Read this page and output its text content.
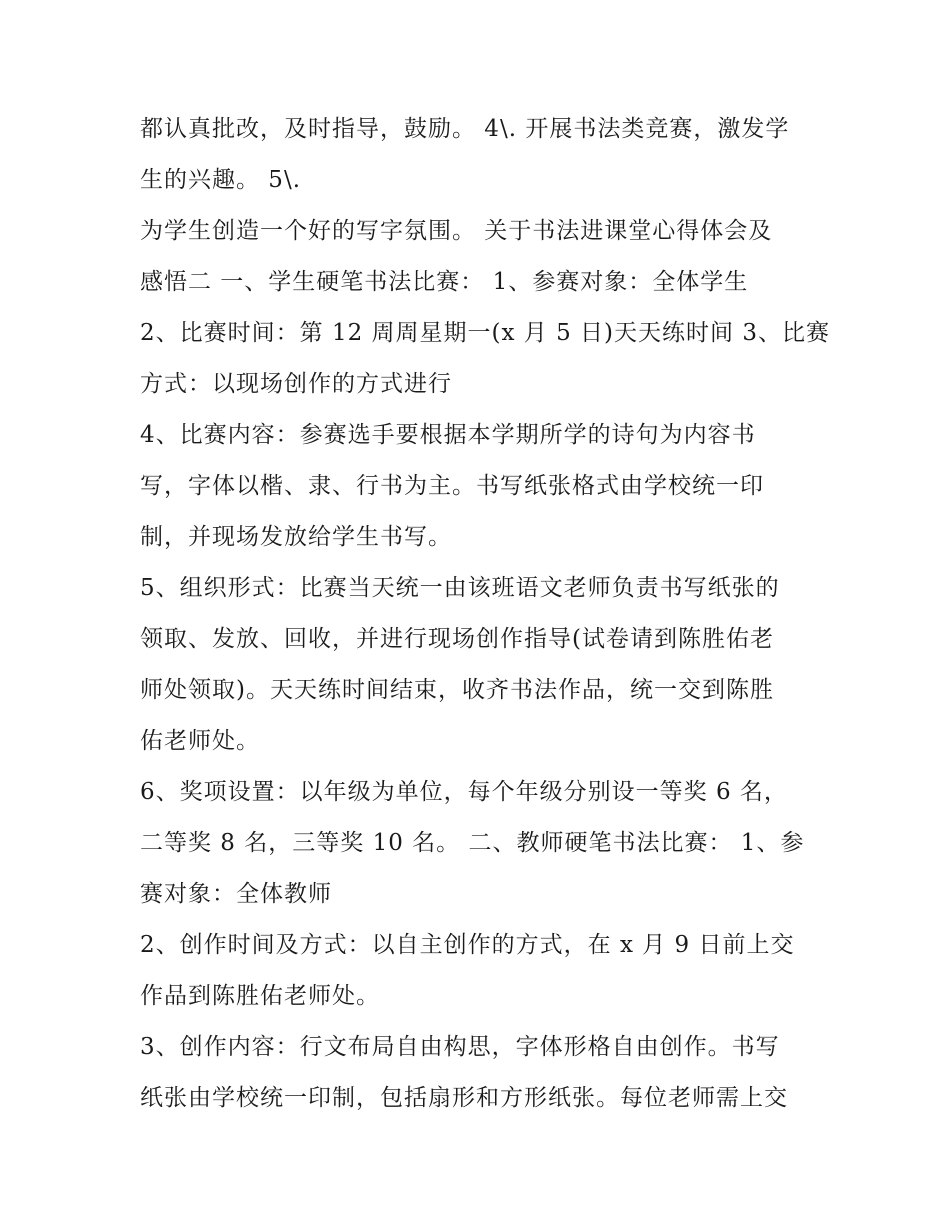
都认真批改，及时指导，鼓励。 4\. 开展书法类竞赛，激发学
生的兴趣。 5\.
为学生创造一个好的写字氛围。 关于书法进课堂心得体会及
感悟二 一、学生硬笔书法比赛： 1、参赛对象：全体学生
2、比赛时间：第 12 周周星期一(x 月 5 日)天天练时间 3、比赛
方式：以现场创作的方式进行
4、比赛内容：参赛选手要根据本学期所学的诗句为内容书
写，字体以楷、隶、行书为主。书写纸张格式由学校统一印
制，并现场发放给学生书写。
5、组织形式：比赛当天统一由该班语文老师负责书写纸张的
领取、发放、回收，并进行现场创作指导(试卷请到陈胜佑老
师处领取)。天天练时间结束，收齐书法作品，统一交到陈胜
佑老师处。
6、奖项设置：以年级为单位，每个年级分别设一等奖 6 名，
二等奖 8 名，三等奖 10 名。 二、教师硬笔书法比赛： 1、参
赛对象：全体教师
2、创作时间及方式：以自主创作的方式，在 x 月 9 日前上交
作品到陈胜佑老师处。
3、创作内容：行文布局自由构思，字体形格自由创作。书写
纸张由学校统一印制，包括扇形和方形纸张。每位老师需上交
